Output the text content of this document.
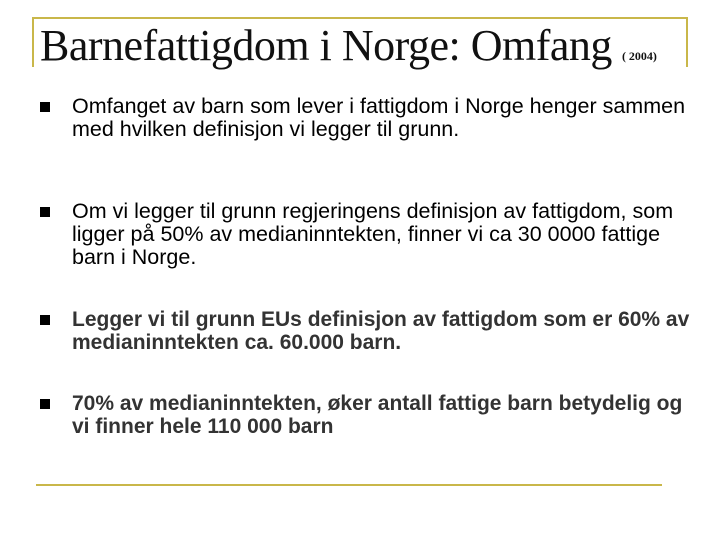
Barnefattigdom i Norge: Omfang ( 2004)
Omfanget av barn som lever i fattigdom i Norge henger sammen med hvilken definisjon vi legger til grunn.
Om vi legger til grunn regjeringens definisjon av fattigdom, som ligger på 50% av medianinntekten, finner vi ca 30 0000 fattige barn i Norge.
Legger vi til grunn EUs definisjon av fattigdom som er 60% av medianinntekten ca. 60.000 barn.
70% av medianinntekten, øker antall fattige barn betydelig og vi finner hele 110 000 barn
